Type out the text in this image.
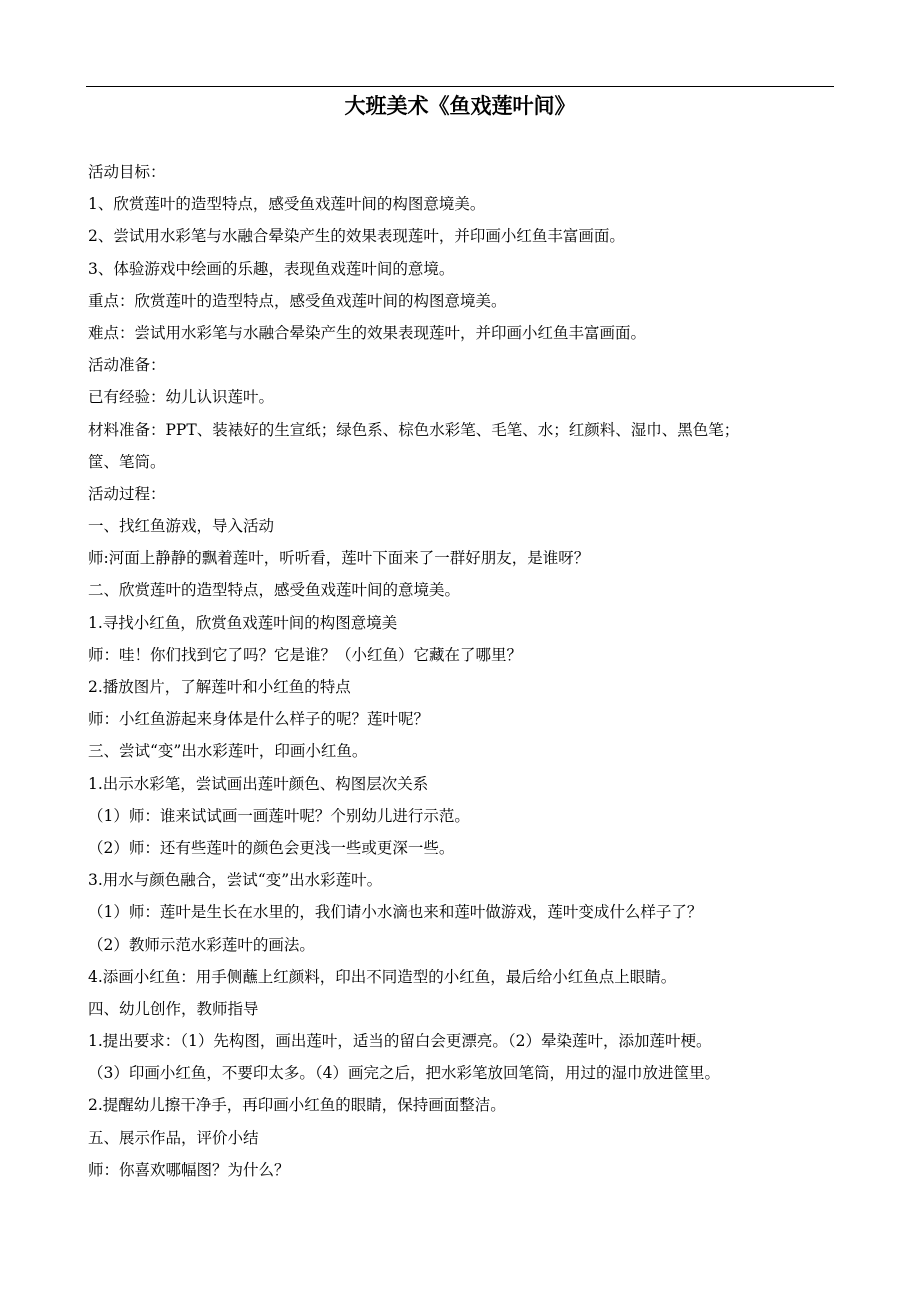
大班美术《鱼戏莲叶间》
活动目标：
1、欣赏莲叶的造型特点，感受鱼戏莲叶间的构图意境美。
2、尝试用水彩笔与水融合晕染产生的效果表现莲叶，并印画小红鱼丰富画面。
3、体验游戏中绘画的乐趣，表现鱼戏莲叶间的意境。
重点：欣赏莲叶的造型特点，感受鱼戏莲叶间的构图意境美。
难点：尝试用水彩笔与水融合晕染产生的效果表现莲叶，并印画小红鱼丰富画面。
活动准备：
已有经验：幼儿认识莲叶。
材料准备：PPT、装裱好的生宣纸；绿色系、棕色水彩笔、毛笔、水；红颜料、湿巾、黑色笔；
筐、笔筒。
活动过程：
一、找红鱼游戏，导入活动
师:河面上静静的飘着莲叶，听听看，莲叶下面来了一群好朋友，是谁呀？
二、欣赏莲叶的造型特点，感受鱼戏莲叶间的意境美。
1.寻找小红鱼，欣赏鱼戏莲叶间的构图意境美
师：哇！你们找到它了吗？它是谁？（小红鱼）它藏在了哪里？
2.播放图片，了解莲叶和小红鱼的特点
师：小红鱼游起来身体是什么样子的呢？莲叶呢？
三、尝试“变”出水彩莲叶，印画小红鱼。
1.出示水彩笔，尝试画出莲叶颜色、构图层次关系
（1）师：谁来试试画一画莲叶呢？个别幼儿进行示范。
（2）师：还有些莲叶的颜色会更浅一些或更深一些。
3.用水与颜色融合，尝试“变”出水彩莲叶。
（1）师：莲叶是生长在水里的，我们请小水滴也来和莲叶做游戏，莲叶变成什么样子了？
（2）教师示范水彩莲叶的画法。
4.添画小红鱼：用手侧蘸上红颜料，印出不同造型的小红鱼，最后给小红鱼点上眼睛。
四、幼儿创作，教师指导
1.提出要求：（1）先构图，画出莲叶，适当的留白会更漂亮。（2）晕染莲叶，添加莲叶梗。
（3）印画小红鱼，不要印太多。（4）画完之后，把水彩笔放回笔筒，用过的湿巾放进筐里。
2.提醒幼儿擦干净手，再印画小红鱼的眼睛，保持画面整洁。
五、展示作品，评价小结
师：你喜欢哪幅图？为什么？
